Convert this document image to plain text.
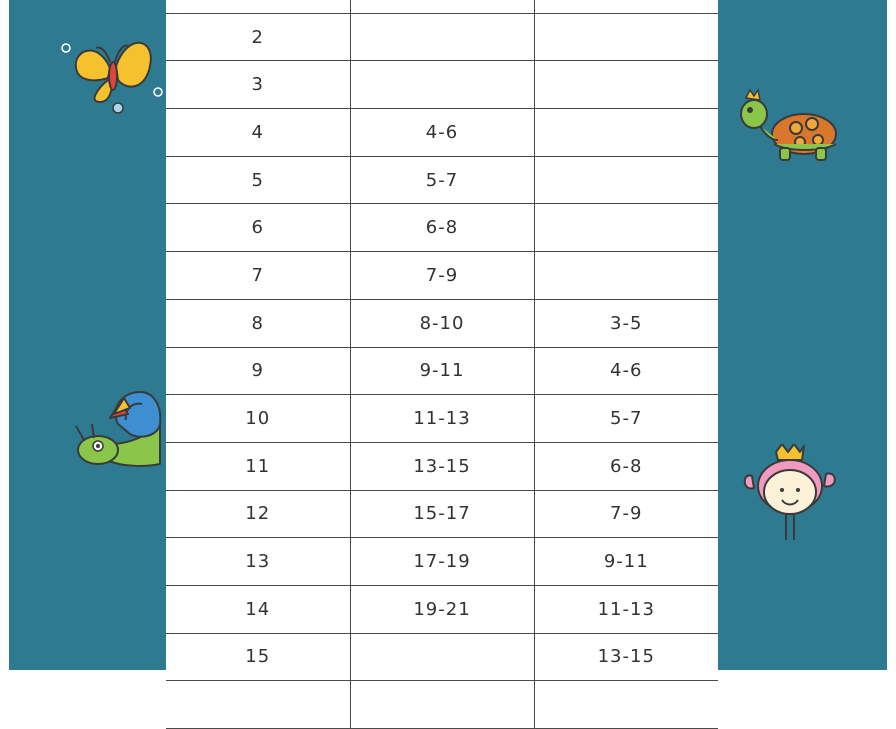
2		
3		
4	4-6	
5	5-7	
6	6-8	
7	7-9	
8	8-10	3-5
9	9-11	4-6
10	11-13	5-7
11	13-15	6-8
12	15-17	7-9
13	17-19	9-11
14	19-21	11-13
15		13-15
